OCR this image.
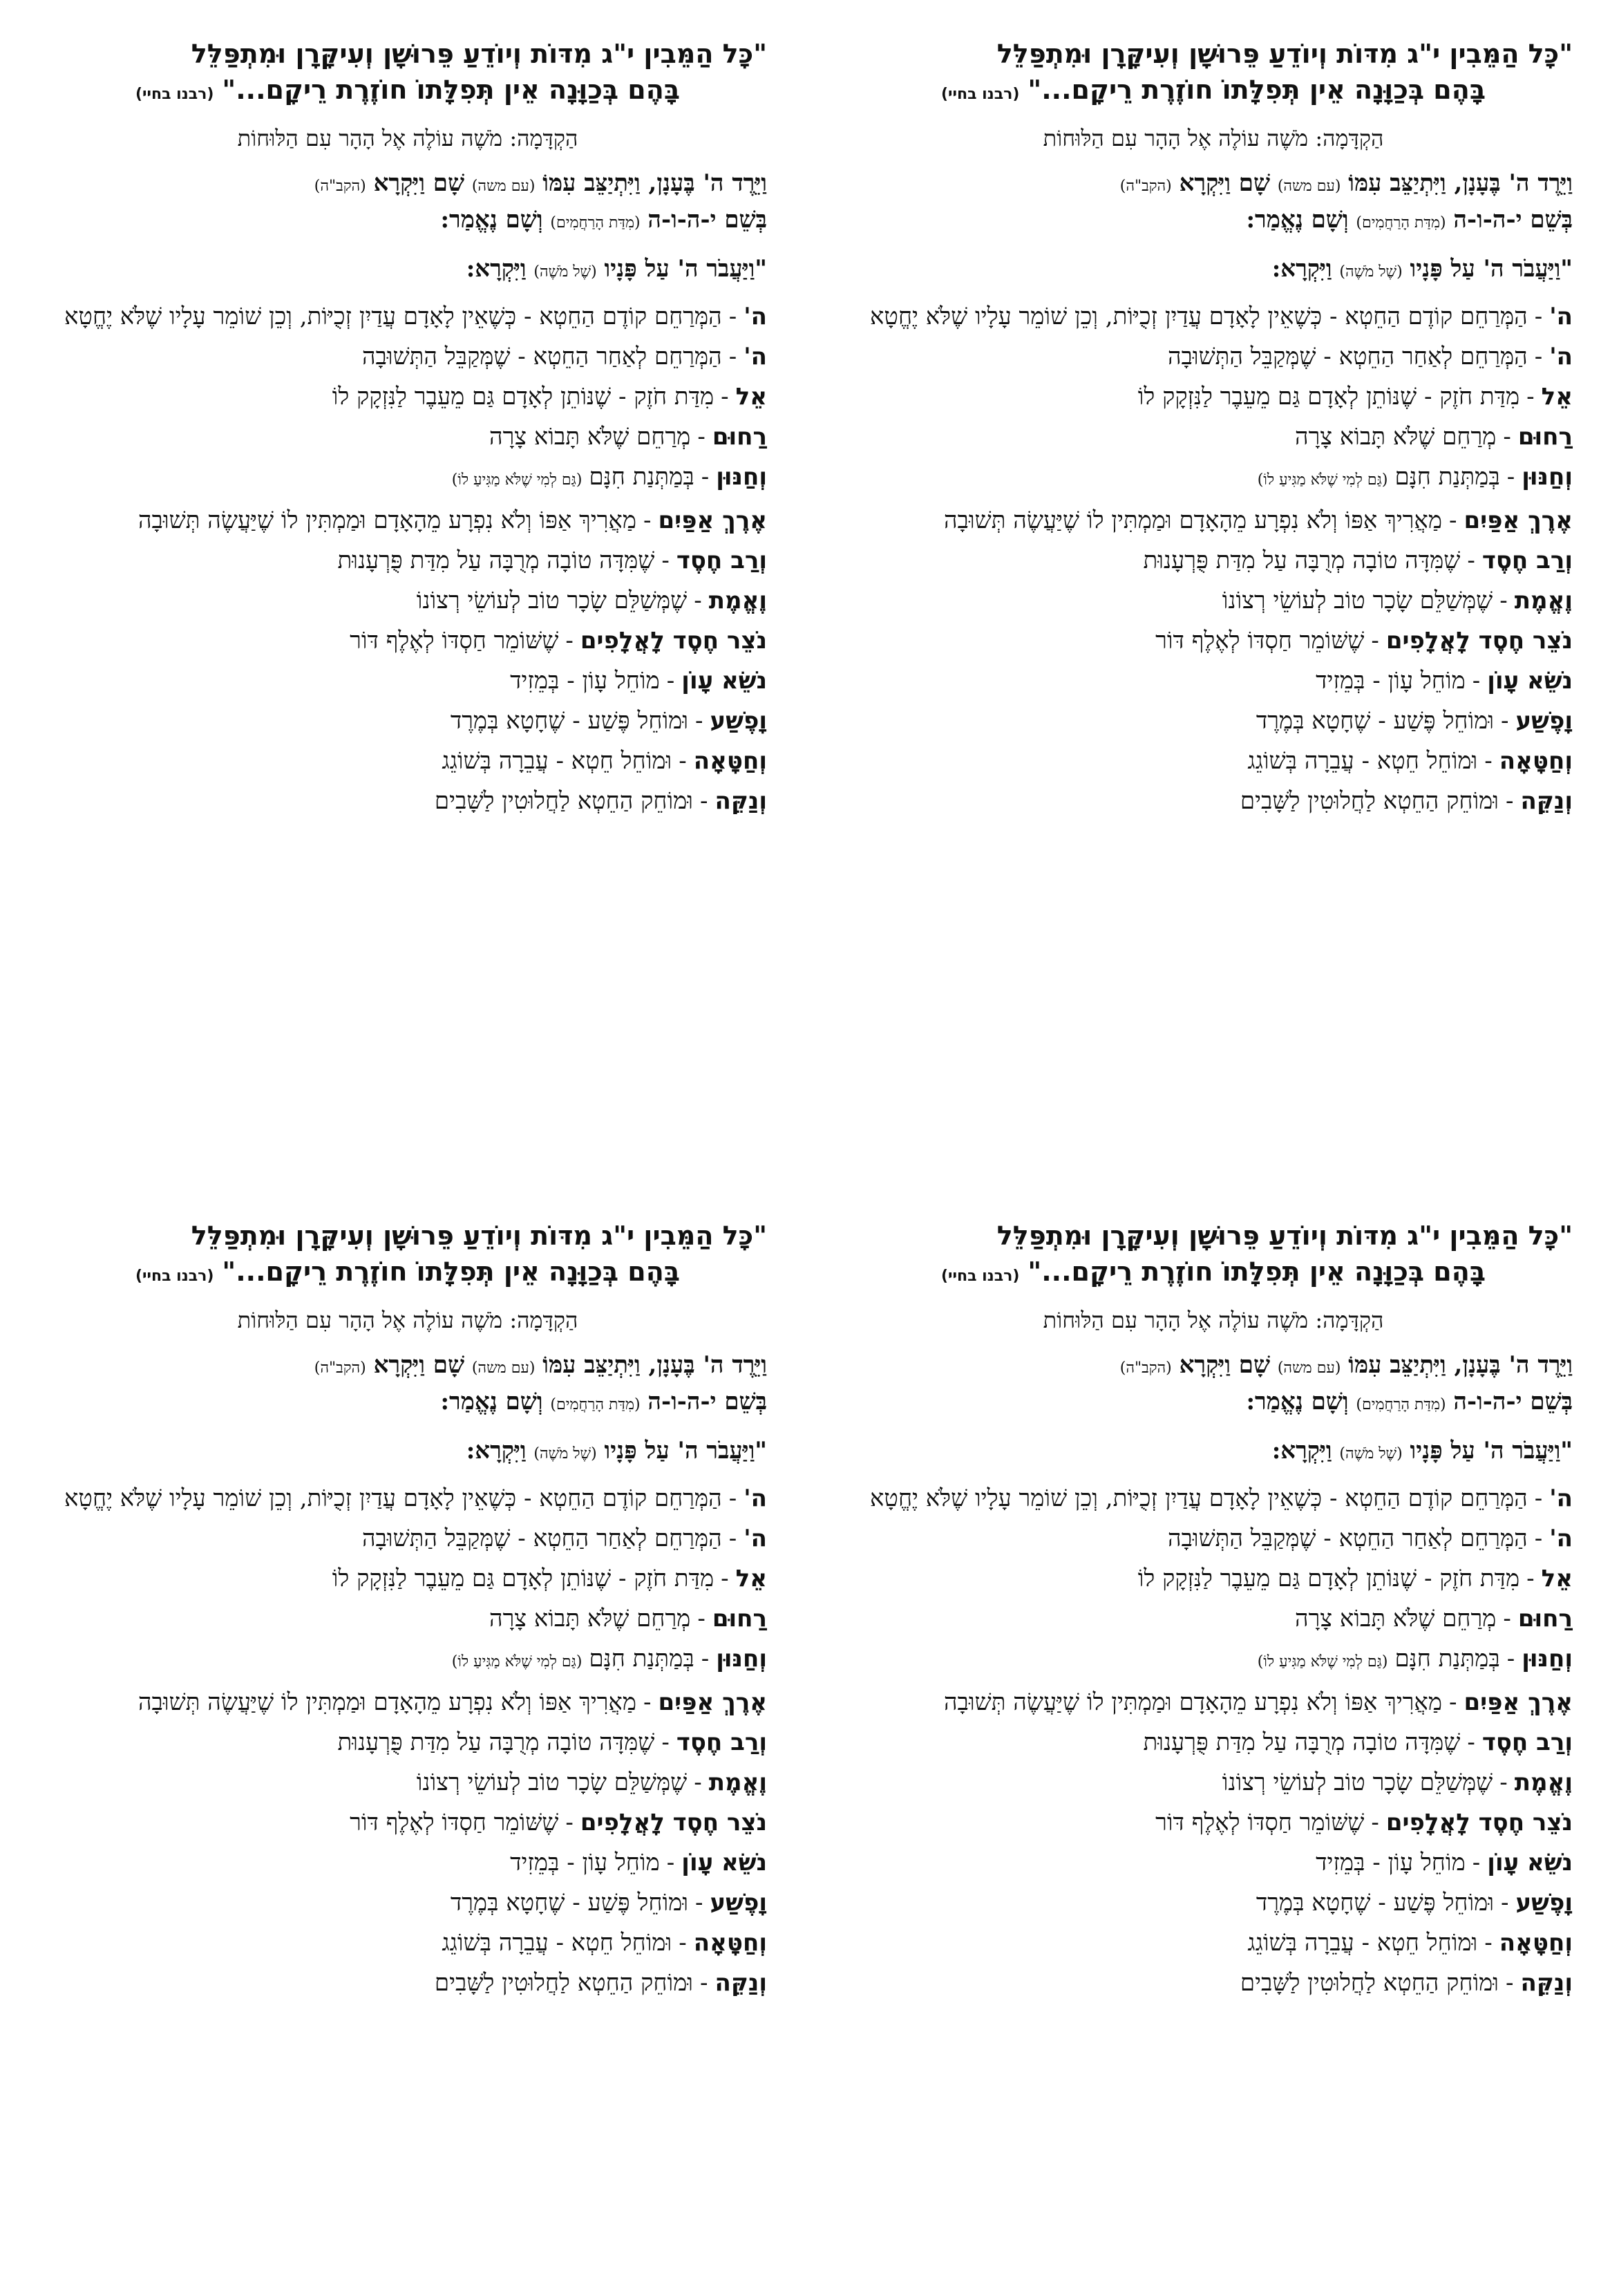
"כָּל הַמֵּבִין י"ג מִדּוֹת וְיוֹדֵעַ פֵּרוּשָׁן וְעִיקָּרָן וּמִתְפַּלֵּל

בָּהֶם בְּכַוָּנָה אֵין תְּפִלָּתוֹ חוֹזֶרֶת רֵיקָם..."(רבנו בחיי)

הַקְדָּמָה: מֹשֶׁה עוֹלֶה אֶל הָהָר עִם הַלּוּחוֹת

וַיֵּרֶד ה' בֶּעָנָן, וַיִּתְיַצֵּב עִמּוֹ (עם משה) שָׁם וַיִּקְרָא (הקב"ה)

בְּשֵׁם י-ה-ו-ה (מִדַּת הָרַחֲמִים) וְשָׁם נֶאֱמַר:

"וַיַּעֲבֹר ה' עַל פָּנָיו (שֶׁל מֹשֶׁה) וַיִּקְרָא:

ה'
-
הַמְּרַחֵם קוֹדֶם הַחֵטְא - כְּשֶׁאֵין לָאָדָם עֲדַיִן זְכֻיּוֹת, וְכֵן שׁוֹמֵר עָלָיו שֶׁלֹּא יֶחֱטָא
ה'
-
הַמְּרַחֵם לְאַחַר הַחֵטְא - שֶׁמְּקַבֵּל הַתְּשׁוּבָה
אֵל
-
מִדַּת חֹזֶק - שֶׁנּוֹתֵן לְאָדָם גַּם מֵעֵבֶר לַנִּזְקָק לוֹ
רַחוּם
-
מְרַחֵם שֶׁלֹּא תָּבוֹא צָרָה
וְחַנּוּן
-
בְּמַתְּנַת חִנָּם(גַּם לְמִי שֶׁלֹּא מַגִּיעַ לוֹ)
אֶרֶךְ אַפַּיִם
-
מַאֲרִיךְ אַפּוֹ וְלֹא נִפְרָע מֵהָאָדָם וּמַמְתִּין לוֹ שֶׁיַּעֲשֶׂה תְּשׁוּבָה
וְרַב חֶסֶד
-
שֶׁמִּדָּה טוֹבָה מְרֻבָּה עַל מִדַּת פֻּרְעָנוּת
וֶאֱמֶת
-
שֶׁמְּשַׁלֵּם שָׂכָר טוֹב לְעוֹשֵׂי רְצוֹנוֹ
נֹצֵר חֶסֶד לָאֲלָפִים
-
שֶׁשּׁוֹמֵר חַסְדּוֹ לְאֶלֶף דּוֹר
נֹשֵׂא עָוֹן
-
מוֹחֵל עָוֹן - בְּמֵזִיד
וָפֶשַׁע
-
וּמוֹחֵל פֶּשַׁע - שֶׁחָטָא בְּמֶרֶד
וְחַטָּאָה
-
וּמוֹחֵל חֵטְא - עֲבֵרָה בְּשׁוֹגֵג
וְנַקֵּה
-
וּמוֹחֵק הַחֵטְא לַחֲלוּטִין לַשָּׁבִים

"כָּל הַמֵּבִין י"ג מִדּוֹת וְיוֹדֵעַ פֵּרוּשָׁן וְעִיקָּרָן וּמִתְפַּלֵּל

בָּהֶם בְּכַוָּנָה אֵין תְּפִלָּתוֹ חוֹזֶרֶת רֵיקָם..."(רבנו בחיי)

הַקְדָּמָה: מֹשֶׁה עוֹלֶה אֶל הָהָר עִם הַלּוּחוֹת

וַיֵּרֶד ה' בֶּעָנָן, וַיִּתְיַצֵּב עִמּוֹ (עם משה) שָׁם וַיִּקְרָא (הקב"ה)

בְּשֵׁם י-ה-ו-ה (מִדַּת הָרַחֲמִים) וְשָׁם נֶאֱמַר:

"וַיַּעֲבֹר ה' עַל פָּנָיו (שֶׁל מֹשֶׁה) וַיִּקְרָא:

ה'
-
הַמְּרַחֵם קוֹדֶם הַחֵטְא - כְּשֶׁאֵין לָאָדָם עֲדַיִן זְכֻיּוֹת, וְכֵן שׁוֹמֵר עָלָיו שֶׁלֹּא יֶחֱטָא
ה'
-
הַמְּרַחֵם לְאַחַר הַחֵטְא - שֶׁמְּקַבֵּל הַתְּשׁוּבָה
אֵל
-
מִדַּת חֹזֶק - שֶׁנּוֹתֵן לְאָדָם גַּם מֵעֵבֶר לַנִּזְקָק לוֹ
רַחוּם
-
מְרַחֵם שֶׁלֹּא תָּבוֹא צָרָה
וְחַנּוּן
-
בְּמַתְּנַת חִנָּם(גַּם לְמִי שֶׁלֹּא מַגִּיעַ לוֹ)
אֶרֶךְ אַפַּיִם
-
מַאֲרִיךְ אַפּוֹ וְלֹא נִפְרָע מֵהָאָדָם וּמַמְתִּין לוֹ שֶׁיַּעֲשֶׂה תְּשׁוּבָה
וְרַב חֶסֶד
-
שֶׁמִּדָּה טוֹבָה מְרֻבָּה עַל מִדַּת פֻּרְעָנוּת
וֶאֱמֶת
-
שֶׁמְּשַׁלֵּם שָׂכָר טוֹב לְעוֹשֵׂי רְצוֹנוֹ
נֹצֵר חֶסֶד לָאֲלָפִים
-
שֶׁשּׁוֹמֵר חַסְדּוֹ לְאֶלֶף דּוֹר
נֹשֵׂא עָוֹן
-
מוֹחֵל עָוֹן - בְּמֵזִיד
וָפֶשַׁע
-
וּמוֹחֵל פֶּשַׁע - שֶׁחָטָא בְּמֶרֶד
וְחַטָּאָה
-
וּמוֹחֵל חֵטְא - עֲבֵרָה בְּשׁוֹגֵג
וְנַקֵּה
-
וּמוֹחֵק הַחֵטְא לַחֲלוּטִין לַשָּׁבִים

"כָּל הַמֵּבִין י"ג מִדּוֹת וְיוֹדֵעַ פֵּרוּשָׁן וְעִיקָּרָן וּמִתְפַּלֵּל

בָּהֶם בְּכַוָּנָה אֵין תְּפִלָּתוֹ חוֹזֶרֶת רֵיקָם..."(רבנו בחיי)

הַקְדָּמָה: מֹשֶׁה עוֹלֶה אֶל הָהָר עִם הַלּוּחוֹת

וַיֵּרֶד ה' בֶּעָנָן, וַיִּתְיַצֵּב עִמּוֹ (עם משה) שָׁם וַיִּקְרָא (הקב"ה)

בְּשֵׁם י-ה-ו-ה (מִדַּת הָרַחֲמִים) וְשָׁם נֶאֱמַר:

"וַיַּעֲבֹר ה' עַל פָּנָיו (שֶׁל מֹשֶׁה) וַיִּקְרָא:

ה'
-
הַמְּרַחֵם קוֹדֶם הַחֵטְא - כְּשֶׁאֵין לָאָדָם עֲדַיִן זְכֻיּוֹת, וְכֵן שׁוֹמֵר עָלָיו שֶׁלֹּא יֶחֱטָא
ה'
-
הַמְּרַחֵם לְאַחַר הַחֵטְא - שֶׁמְּקַבֵּל הַתְּשׁוּבָה
אֵל
-
מִדַּת חֹזֶק - שֶׁנּוֹתֵן לְאָדָם גַּם מֵעֵבֶר לַנִּזְקָק לוֹ
רַחוּם
-
מְרַחֵם שֶׁלֹּא תָּבוֹא צָרָה
וְחַנּוּן
-
בְּמַתְּנַת חִנָּם(גַּם לְמִי שֶׁלֹּא מַגִּיעַ לוֹ)
אֶרֶךְ אַפַּיִם
-
מַאֲרִיךְ אַפּוֹ וְלֹא נִפְרָע מֵהָאָדָם וּמַמְתִּין לוֹ שֶׁיַּעֲשֶׂה תְּשׁוּבָה
וְרַב חֶסֶד
-
שֶׁמִּדָּה טוֹבָה מְרֻבָּה עַל מִדַּת פֻּרְעָנוּת
וֶאֱמֶת
-
שֶׁמְּשַׁלֵּם שָׂכָר טוֹב לְעוֹשֵׂי רְצוֹנוֹ
נֹצֵר חֶסֶד לָאֲלָפִים
-
שֶׁשּׁוֹמֵר חַסְדּוֹ לְאֶלֶף דּוֹר
נֹשֵׂא עָוֹן
-
מוֹחֵל עָוֹן - בְּמֵזִיד
וָפֶשַׁע
-
וּמוֹחֵל פֶּשַׁע - שֶׁחָטָא בְּמֶרֶד
וְחַטָּאָה
-
וּמוֹחֵל חֵטְא - עֲבֵרָה בְּשׁוֹגֵג
וְנַקֵּה
-
וּמוֹחֵק הַחֵטְא לַחֲלוּטִין לַשָּׁבִים

"כָּל הַמֵּבִין י"ג מִדּוֹת וְיוֹדֵעַ פֵּרוּשָׁן וְעִיקָּרָן וּמִתְפַּלֵּל

בָּהֶם בְּכַוָּנָה אֵין תְּפִלָּתוֹ חוֹזֶרֶת רֵיקָם..."(רבנו בחיי)

הַקְדָּמָה: מֹשֶׁה עוֹלֶה אֶל הָהָר עִם הַלּוּחוֹת

וַיֵּרֶד ה' בֶּעָנָן, וַיִּתְיַצֵּב עִמּוֹ (עם משה) שָׁם וַיִּקְרָא (הקב"ה)

בְּשֵׁם י-ה-ו-ה (מִדַּת הָרַחֲמִים) וְשָׁם נֶאֱמַר:

"וַיַּעֲבֹר ה' עַל פָּנָיו (שֶׁל מֹשֶׁה) וַיִּקְרָא:

ה'
-
הַמְּרַחֵם קוֹדֶם הַחֵטְא - כְּשֶׁאֵין לָאָדָם עֲדַיִן זְכֻיּוֹת, וְכֵן שׁוֹמֵר עָלָיו שֶׁלֹּא יֶחֱטָא
ה'
-
הַמְּרַחֵם לְאַחַר הַחֵטְא - שֶׁמְּקַבֵּל הַתְּשׁוּבָה
אֵל
-
מִדַּת חֹזֶק - שֶׁנּוֹתֵן לְאָדָם גַּם מֵעֵבֶר לַנִּזְקָק לוֹ
רַחוּם
-
מְרַחֵם שֶׁלֹּא תָּבוֹא צָרָה
וְחַנּוּן
-
בְּמַתְּנַת חִנָּם(גַּם לְמִי שֶׁלֹּא מַגִּיעַ לוֹ)
אֶרֶךְ אַפַּיִם
-
מַאֲרִיךְ אַפּוֹ וְלֹא נִפְרָע מֵהָאָדָם וּמַמְתִּין לוֹ שֶׁיַּעֲשֶׂה תְּשׁוּבָה
וְרַב חֶסֶד
-
שֶׁמִּדָּה טוֹבָה מְרֻבָּה עַל מִדַּת פֻּרְעָנוּת
וֶאֱמֶת
-
שֶׁמְּשַׁלֵּם שָׂכָר טוֹב לְעוֹשֵׂי רְצוֹנוֹ
נֹצֵר חֶסֶד לָאֲלָפִים
-
שֶׁשּׁוֹמֵר חַסְדּוֹ לְאֶלֶף דּוֹר
נֹשֵׂא עָוֹן
-
מוֹחֵל עָוֹן - בְּמֵזִיד
וָפֶשַׁע
-
וּמוֹחֵל פֶּשַׁע - שֶׁחָטָא בְּמֶרֶד
וְחַטָּאָה
-
וּמוֹחֵל חֵטְא - עֲבֵרָה בְּשׁוֹגֵג
וְנַקֵּה
-
וּמוֹחֵק הַחֵטְא לַחֲלוּטִין לַשָּׁבִים
